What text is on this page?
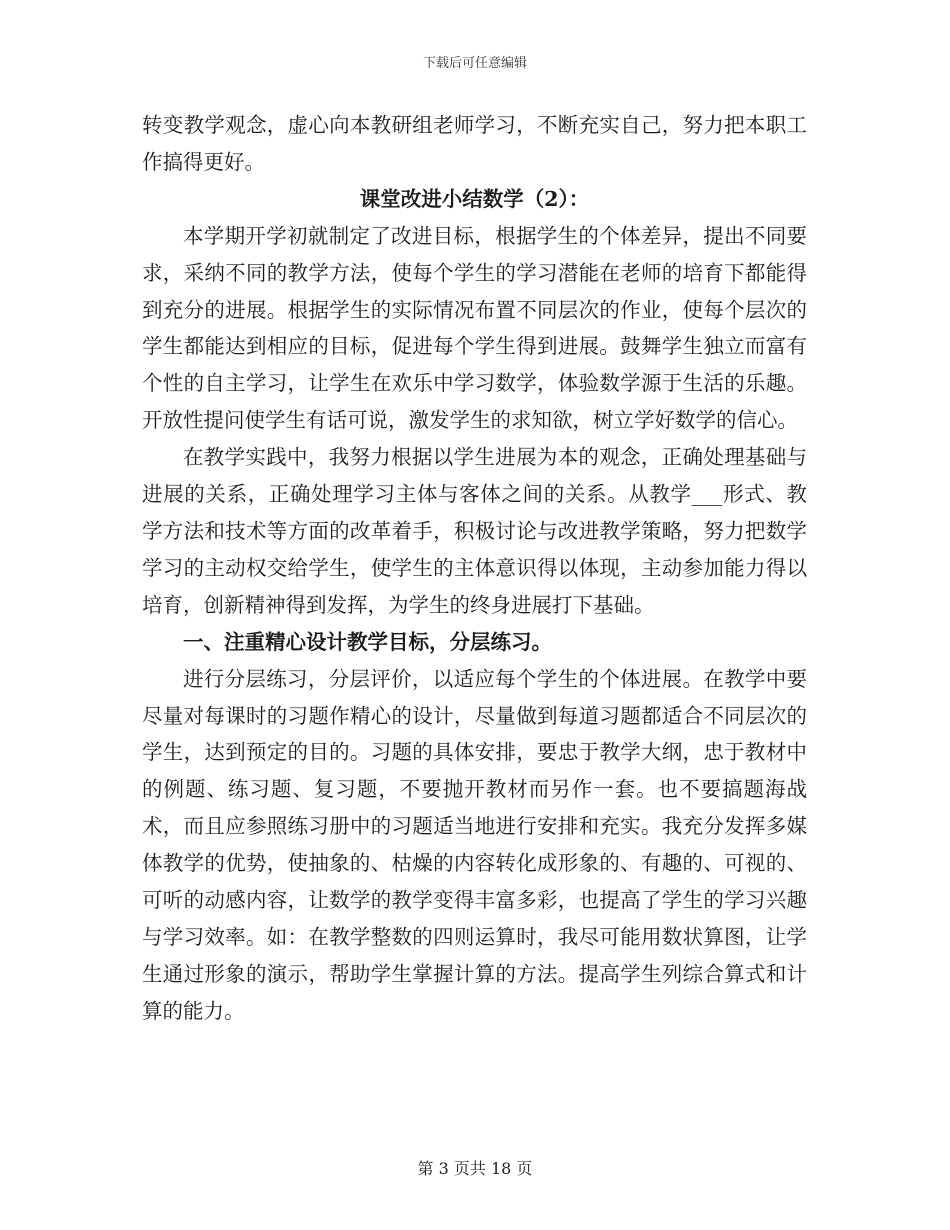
下载后可任意编辑

转变教学观念，虚心向本教研组老师学习，不断充实自己，努力把本职工作搞得更好。

课堂改进小结数学（2）：

本学期开学初就制定了改进目标，根据学生的个体差异，提出不同要求，采纳不同的教学方法，使每个学生的学习潜能在老师的培育下都能得到充分的进展。根据学生的实际情况布置不同层次的作业，使每个层次的学生都能达到相应的目标，促进每个学生得到进展。鼓舞学生独立而富有个性的自主学习，让学生在欢乐中学习数学，体验数学源于生活的乐趣。开放性提问使学生有话可说，激发学生的求知欲，树立学好数学的信心。

在教学实践中，我努力根据以学生进展为本的观念，正确处理基础与进展的关系，正确处理学习主体与客体之间的关系。从教学___形式、教学方法和技术等方面的改革着手，积极讨论与改进教学策略，努力把数学学习的主动权交给学生，使学生的主体意识得以体现，主动参加能力得以培育，创新精神得到发挥，为学生的终身进展打下基础。

一、注重精心设计教学目标，分层练习。

进行分层练习，分层评价，以适应每个学生的个体进展。在教学中要尽量对每课时的习题作精心的设计，尽量做到每道习题都适合不同层次的学生，达到预定的目的。习题的具体安排，要忠于教学大纲，忠于教材中的例题、练习题、复习题，不要抛开教材而另作一套。也不要搞题海战术，而且应参照练习册中的习题适当地进行安排和充实。我充分发挥多媒体教学的优势，使抽象的、枯燥的内容转化成形象的、有趣的、可视的、可听的动感内容，让数学的教学变得丰富多彩，也提高了学生的学习兴趣与学习效率。如：在教学整数的四则运算时，我尽可能用数状算图，让学生通过形象的演示，帮助学生掌握计算的方法。提高学生列综合算式和计算的能力。

第 3 页共 18 页
